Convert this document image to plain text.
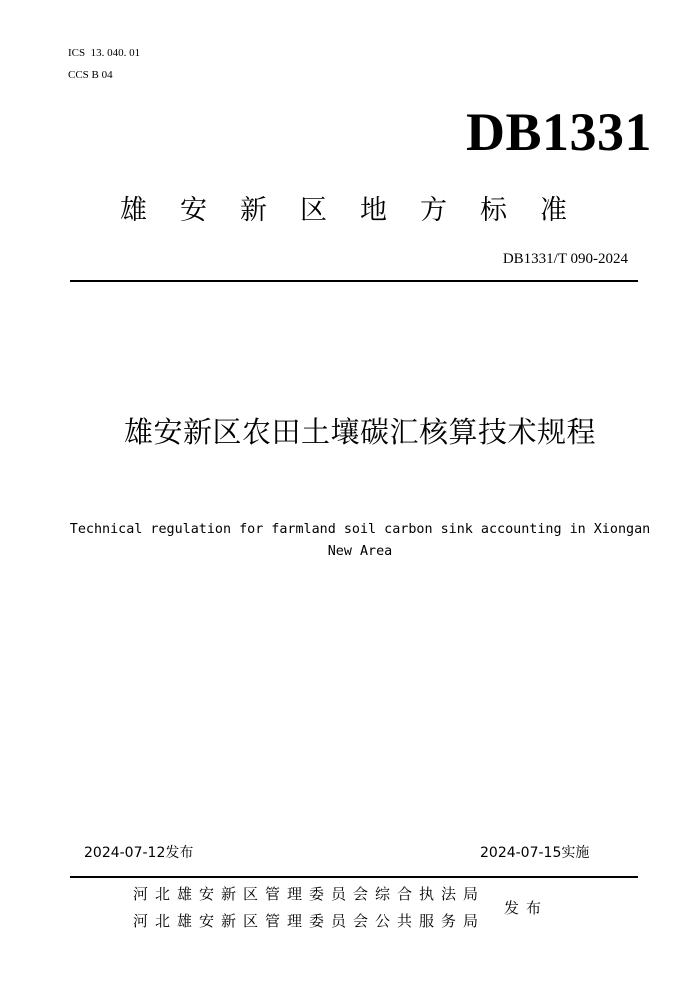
ICS  13. 040. 01
CCS B 04
DB1331
雄安新区地方标准
DB1331/T 090-2024
雄安新区农田土壤碳汇核算技术规程
Technical regulation for farmland soil carbon sink accounting in Xiongan
New Area
2024-07-12发布	2024-07-15实施
河北雄安新区管理委员会综合执法局
河北雄安新区管理委员会公共服务局
发布
